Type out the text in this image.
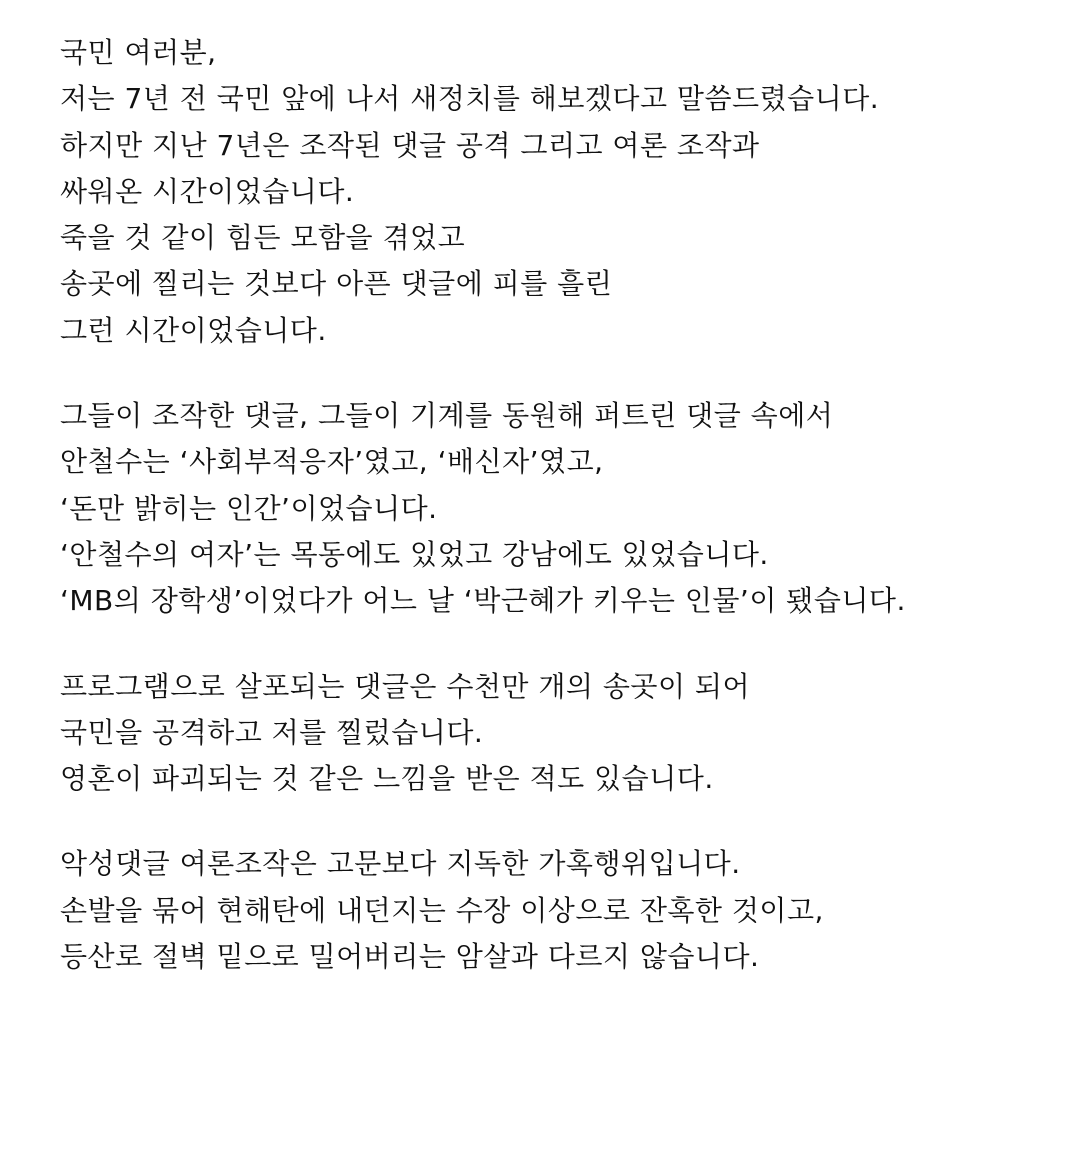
국민 여러분,
저는 7년 전 국민 앞에 나서 새정치를 해보겠다고 말씀드렸습니다.
하지만 지난 7년은 조작된 댓글 공격 그리고 여론 조작과
싸워온 시간이었습니다.
죽을 것 같이 힘든 모함을 겪었고
송곳에 찔리는 것보다 아픈 댓글에 피를 흘린
그런 시간이었습니다.
그들이 조작한 댓글, 그들이 기계를 동원해 퍼트린 댓글 속에서
안철수는 ‘사회부적응자’였고, ‘배신자’였고,
‘돈만 밝히는 인간’이었습니다.
‘안철수의 여자’는 목동에도 있었고 강남에도 있었습니다.
‘MB의 장학생’이었다가 어느 날 ‘박근혜가 키우는 인물’이 됐습니다.
프로그램으로 살포되는 댓글은 수천만 개의 송곳이 되어
국민을 공격하고 저를 찔렀습니다.
영혼이 파괴되는 것 같은 느낌을 받은 적도 있습니다.
악성댓글 여론조작은 고문보다 지독한 가혹행위입니다.
손발을 묶어 현해탄에 내던지는 수장 이상으로 잔혹한 것이고,
등산로 절벽 밑으로 밀어버리는 암살과 다르지 않습니다.
